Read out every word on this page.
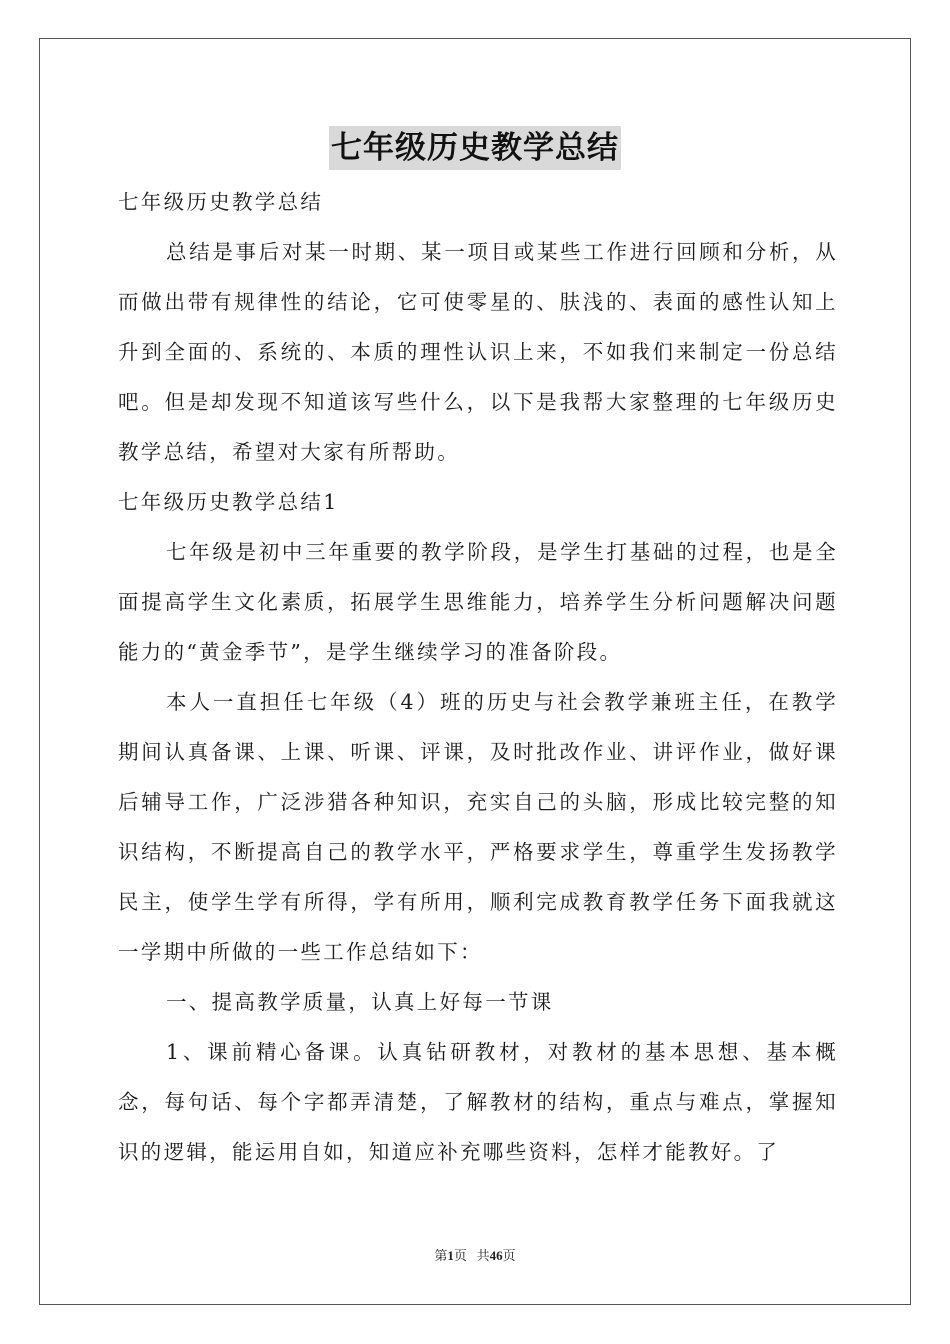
七年级历史教学总结

七年级历史教学总结

总结是事后对某一时期、某一项目或某些工作进行回顾和分析，从而做出带有规律性的结论，它可使零星的、肤浅的、表面的感性认知上升到全面的、系统的、本质的理性认识上来，不如我们来制定一份总结吧。但是却发现不知道该写些什么，以下是我帮大家整理的七年级历史教学总结，希望对大家有所帮助。

七年级历史教学总结1

七年级是初中三年重要的教学阶段，是学生打基础的过程，也是全面提高学生文化素质，拓展学生思维能力，培养学生分析问题解决问题能力的“黄金季节”，是学生继续学习的准备阶段。

本人一直担任七年级（4）班的历史与社会教学兼班主任，在教学期间认真备课、上课、听课、评课，及时批改作业、讲评作业，做好课后辅导工作，广泛涉猎各种知识，充实自己的头脑，形成比较完整的知识结构，不断提高自己的教学水平，严格要求学生，尊重学生发扬教学民主，使学生学有所得，学有所用，顺利完成教育教学任务下面我就这一学期中所做的一些工作总结如下：

一、提高教学质量，认真上好每一节课

1、课前精心备课。认真钻研教材，对教材的基本思想、基本概念，每句话、每个字都弄清楚，了解教材的结构，重点与难点，掌握知识的逻辑，能运用自如，知道应补充哪些资料，怎样才能教好。了

第1页 共46页
